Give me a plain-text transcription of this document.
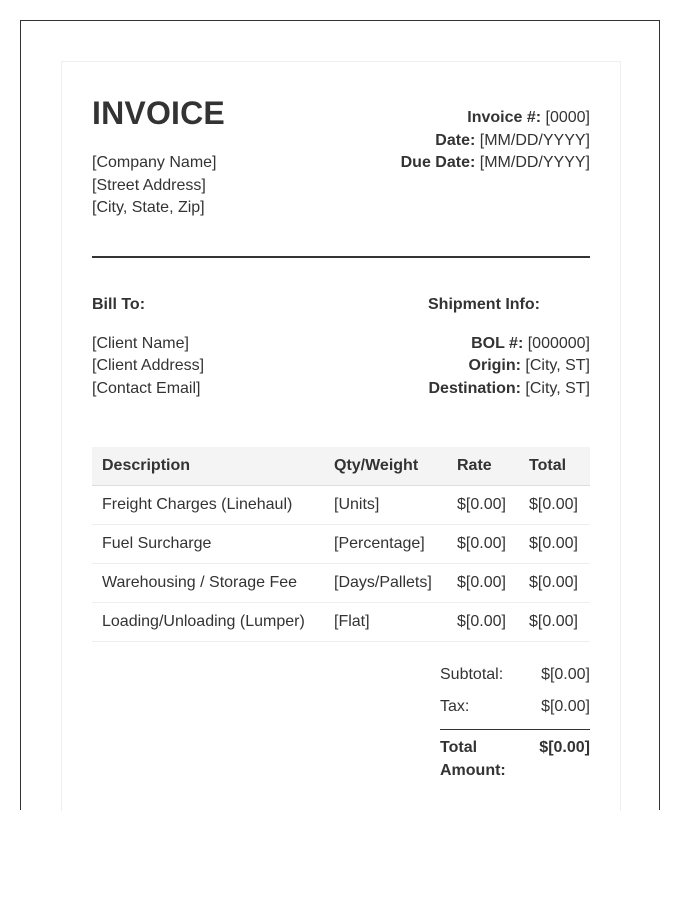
INVOICE
[Company Name]
[Street Address]
[City, State, Zip]
Invoice #: [0000]
Date: [MM/DD/YYYY]
Due Date: [MM/DD/YYYY]
Bill To:
[Client Name]
[Client Address]
[Contact Email]
Shipment Info:
BOL #: [000000]
Origin: [City, ST]
Destination: [City, ST]
Description	Qty/Weight	Rate	Total
Freight Charges (Linehaul)	[Units]	$[0.00]	$[0.00]
Fuel Surcharge	[Percentage]	$[0.00]	$[0.00]
Warehousing / Storage Fee	[Days/Pallets]	$[0.00]	$[0.00]
Loading/Unloading (Lumper)	[Flat]	$[0.00]	$[0.00]
Subtotal: $[0.00]
Tax:	$[0.00]
Total Amount:
$[0.00]
